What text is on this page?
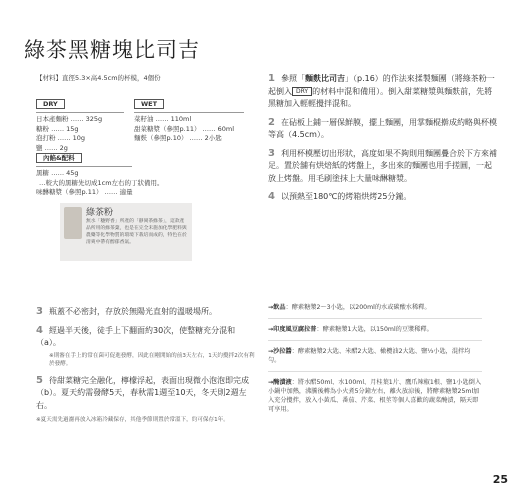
綠茶黑糖塊比司吉
【材料】直徑5.3×高4.5cm的杯模，4個份
DRY
日本產麵粉 …… 325g
糖粉 …… 15g
泡打粉 …… 10g
鹽 …… 2g
WET
菜籽油 …… 110ml
甜菜糖漿（參照p.11） …… 60ml
麵麩（參照p.10） …… 2小匙
內餡&配料
黑糖 …… 45g
…較大的黑糖先切成1cm左右的丁狀備用。
味醂糖漿（參照p.11） …… 適量
綠茶粉
無水「穗野香」所產的「靜岡茶綠茶」，這款產品所用的綠茶葉，也是在完全未施加化學肥料與農藥等化學物質的環境下栽培而成的，特色在於清爽中帶有醇郁香氣。
1 參照「麵麩比司吉」（p.16）的作法來揉製麵團（將綠茶粉一起倒入 DRY 的材料中混和備用）。倒入甜菜糖漿與麵麩前，先將黑糖加入輕輕攪拌混和。
2 在砧板上鋪一層保鮮膜，擺上麵團，用掌麵棍擀成約略與杯模等高（4.5cm）。
3 利用杯模壓切出形狀，高度如果不夠則用麵團疊合於下方來補足。置於舖有烘焙紙的烤盤上，多出來的麵團也用手搓圓，一起放上烤盤。用毛刷塗抹上大量味醂糖漿。
4 以預熱至180℃的烤箱烘烤25分鐘。
3 瓶蓋不必密封，存放於無陽光直射的溫暖場所。
4 經過半天後，徒手上下翻面約30次，使整糖充分混和（a）。
※則審在手上的常在菌可促進發酵，因此在剛開始的前3天左右，1天約攪拌2次有利於發酵。
5 待甜菜糖完全融化，檸檬浮起，表面出現微小泡泡即完成（b）。夏天約需發酵5天，春秋需1週至10天，冬天則2週左右。
※夏天需先過濾再放入冰箱冷藏保存，其他季節則置於常溫下，約可保存1年。
→飲品：酵素糖漿2～3小匙，以200ml的水或碳酸水稀釋。
→印度風豆腐拉普：酵素糖漿1大匙，以150ml的豆漿稀釋。
→沙拉醬：酵素糖漿2大匙、米醋2大匙、橄欖油2大匙、鹽⅓小匙，混拌均勻。
→醃漬液：將水醋50ml、水100ml、月桂葉1片、鷹爪辣椒1根、鹽1小匙倒入小鍋中加熱，沸騰後轉為小火煮5分鐘左右，離火放涼後，將酵素糖漿25ml加入充分攪拌，放入小黃瓜、番茄、芹菜、根莖等個人喜歡的蔬菜醃漬，隔天即可享用。
25
